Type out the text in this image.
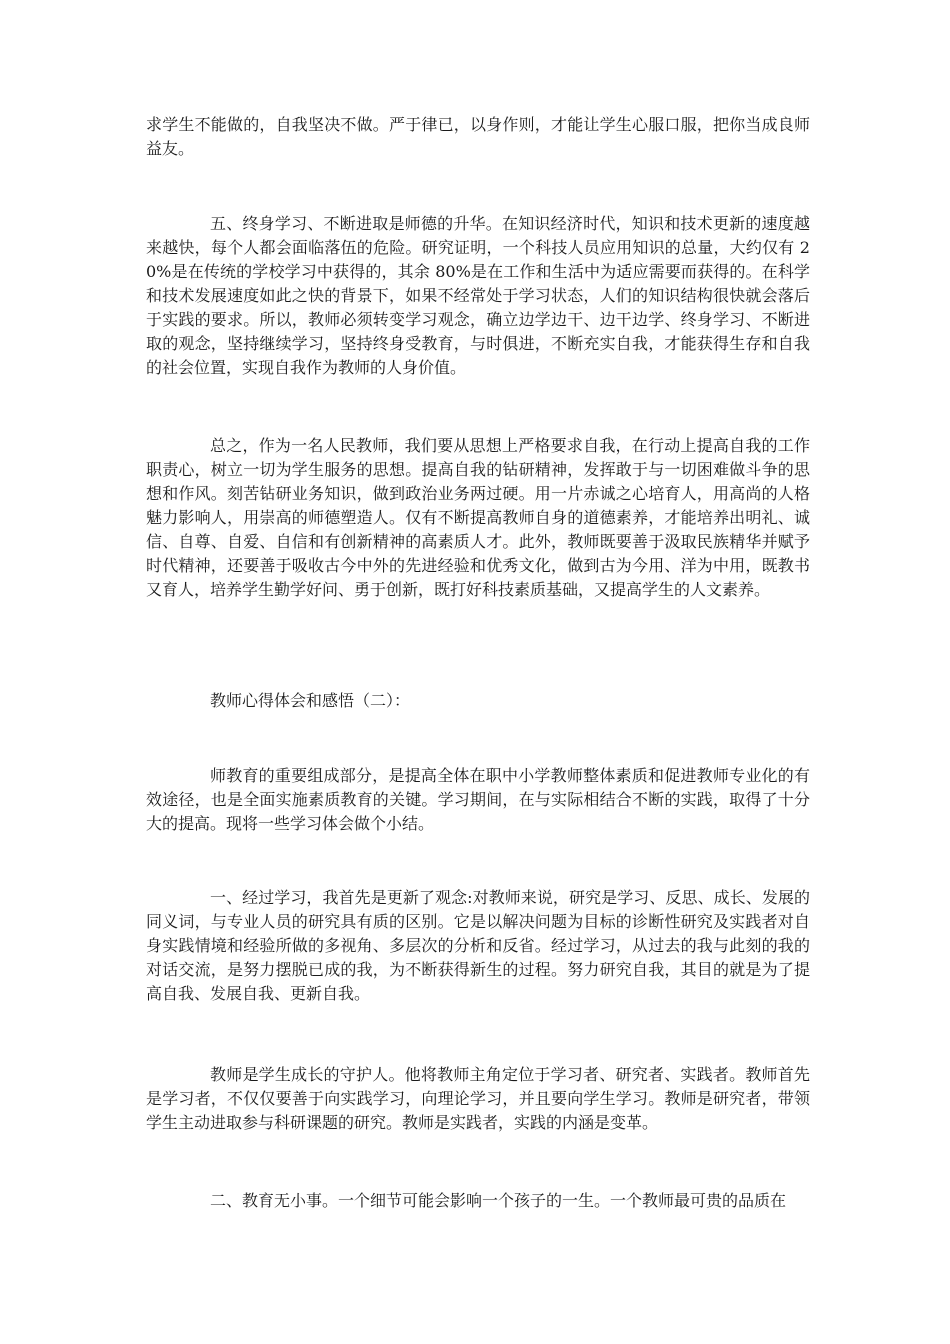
求学生不能做的，自我坚决不做。严于律已，以身作则，才能让学生心服口服，把你当成良师益友。

五、终身学习、不断进取是师德的升华。在知识经济时代，知识和技术更新的速度越来越快，每个人都会面临落伍的危险。研究证明，一个科技人员应用知识的总量，大约仅有 20%是在传统的学校学习中获得的，其余 80%是在工作和生活中为适应需要而获得的。在科学和技术发展速度如此之快的背景下，如果不经常处于学习状态，人们的知识结构很快就会落后于实践的要求。所以，教师必须转变学习观念，确立边学边干、边干边学、终身学习、不断进取的观念，坚持继续学习，坚持终身受教育，与时俱进，不断充实自我，才能获得生存和自我的社会位置，实现自我作为教师的人身价值。

总之，作为一名人民教师，我们要从思想上严格要求自我，在行动上提高自我的工作职责心，树立一切为学生服务的思想。提高自我的钻研精神，发挥敢于与一切困难做斗争的思想和作风。刻苦钻研业务知识，做到政治业务两过硬。用一片赤诚之心培育人，用高尚的人格魅力影响人，用崇高的师德塑造人。仅有不断提高教师自身的道德素养，才能培养出明礼、诚信、自尊、自爱、自信和有创新精神的高素质人才。此外，教师既要善于汲取民族精华并赋予时代精神，还要善于吸收古今中外的先进经验和优秀文化，做到古为今用、洋为中用，既教书又育人，培养学生勤学好问、勇于创新，既打好科技素质基础，又提高学生的人文素养。

教师心得体会和感悟（二）：

师教育的重要组成部分，是提高全体在职中小学教师整体素质和促进教师专业化的有效途径，也是全面实施素质教育的关键。学习期间，在与实际相结合不断的实践，取得了十分大的提高。现将一些学习体会做个小结。

一、经过学习，我首先是更新了观念:对教师来说，研究是学习、反思、成长、发展的同义词，与专业人员的研究具有质的区别。它是以解决问题为目标的诊断性研究及实践者对自身实践情境和经验所做的多视角、多层次的分析和反省。经过学习，从过去的我与此刻的我的对话交流，是努力摆脱已成的我，为不断获得新生的过程。努力研究自我，其目的就是为了提高自我、发展自我、更新自我。

教师是学生成长的守护人。他将教师主角定位于学习者、研究者、实践者。教师首先是学习者，不仅仅要善于向实践学习，向理论学习，并且要向学生学习。教师是研究者，带领学生主动进取参与科研课题的研究。教师是实践者，实践的内涵是变革。

二、教育无小事。一个细节可能会影响一个孩子的一生。一个教师最可贵的品质在
